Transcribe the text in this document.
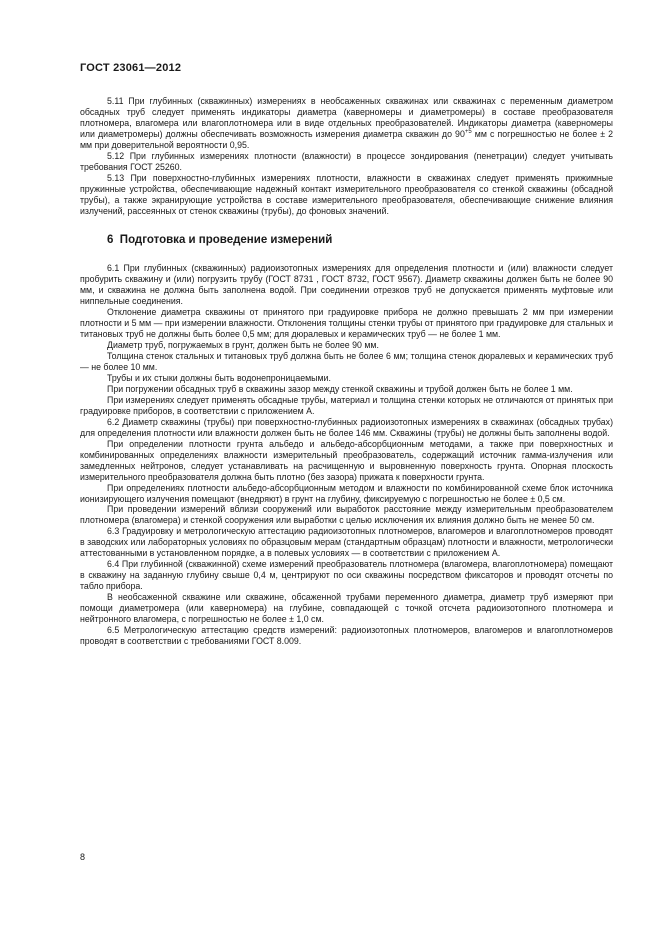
ГОСТ 23061—2012

5.11 При глубинных (скважинных) измерениях в необсаженных скважинах или скважинах с переменным диаметром обсадных труб следует применять индикаторы диаметра (каверномеры и диаметромеры) в составе преобразователя плотномера, влагомера или влагоплотномера или в виде отдельных преобразователей. Индикаторы диаметра (каверномеры или диаметромеры) должны обеспечивать возможность измерения диаметра скважин до $90^{+5}$ мм с погрешностью не более ± 2 мм при доверительной вероятности 0,95.

5.12 При глубинных измерениях плотности (влажности) в процессе зондирования (пенетрации) следует учитывать требования ГОСТ 25260.

5.13 При поверхностно-глубинных измерениях плотности, влажности в скважинах следует применять прижимные пружинные устройства, обеспечивающие надежный контакт измерительного преобразователя со стенкой скважины (обсадной трубы), а также экранирующие устройства в составе измерительного преобразователя, обеспечивающие снижение влияния излучений, рассеянных от стенок скважины (трубы), до фоновых значений.

6 Подготовка и проведение измерений

6.1 При глубинных (скважинных) радиоизотопных измерениях для определения плотности и (или) влажности следует пробурить скважину и (или) погрузить трубу (ГОСТ 8731 , ГОСТ 8732, ГОСТ 9567). Диаметр скважины должен быть не более 90 мм, и скважина не должна быть заполнена водой. При соединении отрезков труб не допускается применять муфтовые или ниппельные соединения.

Отклонение диаметра скважины от принятого при градуировке прибора не должно превышать 2 мм при измерении плотности и 5 мм — при измерении влажности. Отклонения толщины стенки трубы от принятого при градуировке для стальных и титановых труб не должны быть более 0,5 мм; для дюралевых и керамических труб — не более 1 мм.

Диаметр труб, погружаемых в грунт, должен быть не более 90 мм.

Толщина стенок стальных и титановых труб должна быть не более 6 мм; толщина стенок дюралевых и керамических труб — не более 10 мм.

Трубы и их стыки должны быть водонепроницаемыми.

При погружении обсадных труб в скважины зазор между стенкой скважины и трубой должен быть не более 1 мм.

При измерениях следует применять обсадные трубы, материал и толщина стенки которых не отличаются от принятых при градуировке приборов, в соответствии с приложением А.

6.2 Диаметр скважины (трубы) при поверхностно-глубинных радиоизотопных измерениях в скважинах (обсадных трубах) для определения плотности или влажности должен быть не более 146 мм. Скважины (трубы) не должны быть заполнены водой.

При определении плотности грунта альбедо и альбедо-абсорбционным методами, а также при поверхностных и комбинированных определениях влажности измерительный преобразователь, содержащий источник гамма-излучения или замедленных нейтронов, следует устанавливать на расчищенную и выровненную поверхность грунта. Опорная плоскость измерительного преобразователя должна быть плотно (без зазора) прижата к поверхности грунта.

При определениях плотности альбедо-абсорбционным методом и влажности по комбинированной схеме блок источника ионизирующего излучения помещают (внедряют) в грунт на глубину, фиксируемую с погрешностью не более ± 0,5 см.

При проведении измерений вблизи сооружений или выработок расстояние между измерительным преобразователем плотномера (влагомера) и стенкой сооружения или выработки с целью исключения их влияния должно быть не менее 50 см.

6.3 Градуировку и метрологическую аттестацию радиоизотопных плотномеров, влагомеров и влагоплотномеров проводят в заводских или лабораторных условиях по образцовым мерам (стандартным образцам) плотности и влажности, метрологически аттестованными в установленном порядке, а в полевых условиях — в соответствии с приложением А.

6.4 При глубинной (скважинной) схеме измерений преобразователь плотномера (влагомера, влагоплотномера) помещают в скважину на заданную глубину свыше 0,4 м, центрируют по оси скважины посредством фиксаторов и проводят отсчеты по табло прибора.

В необсаженной скважине или скважине, обсаженной трубами переменного диаметра, диаметр труб измеряют при помощи диаметромера (или каверномера) на глубине, совпадающей с точкой отсчета радиоизотопного плотномера и нейтронного влагомера, с погрешностью не более ± 1,0 см.

6.5 Метрологическую аттестацию средств измерений: радиоизотопных плотномеров, влагомеров и влагоплотномеров проводят в соответствии с требованиями ГОСТ 8.009.

8
